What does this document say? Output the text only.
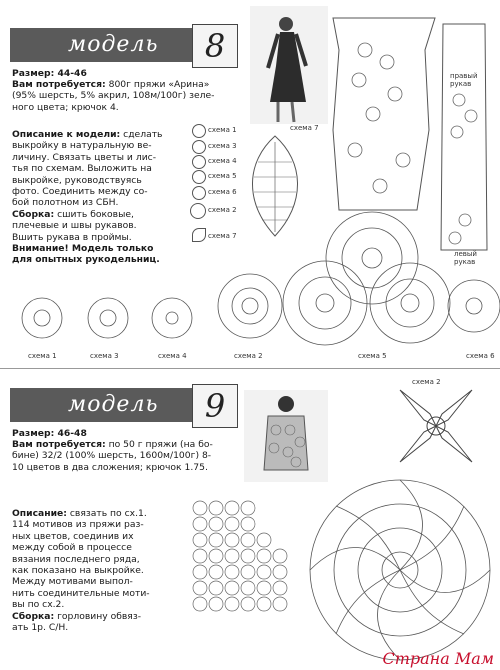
модель	8
Размер: 44-46
Вам потребуется: 800г пряжи «Арина»
(95% шерсть, 5% акрил, 108м/100г) зеле-
ного цвета; крючок 4.
Описание к модели: сделать
выкройку в натуральную ве-
личину. Связать цветы и лис-
тья по схемам. Выложить на
выкройке, руководствуясь
фото. Соединить между со-
бой полотном из СБН.
Сборка: сшить боковые,
плечевые и швы рукавов.
Вшить рукава в проймы.
Внимание! Модель только
для опытных рукодельниц.
схема 1
схема 3
схема 4
схема 5
схема 6
схема 2
схема 7
схема 7
правый рукав
левый рукав
схема 1	схема 3	схема 4	схема 2	схема 5	схема 6
модель	9
Размер: 46-48
Вам потребуется: по 50 г пряжи (на бо-
бине) 32/2 (100% шерсть, 1600м/100г) 8-
10 цветов в два сложения; крючок 1.75.
Описание: связать по сх.1.
114 мотивов из пряжи раз-
ных цветов, соединив их
между собой в процессе
вязания последнего ряда,
как показано на выкройке.
Между мотивами выпол-
нить соединительные моти-
вы по сх.2.
Сборка: горловину обвяз-
ать 1р. С/Н.
схема 2
Страна Мам
